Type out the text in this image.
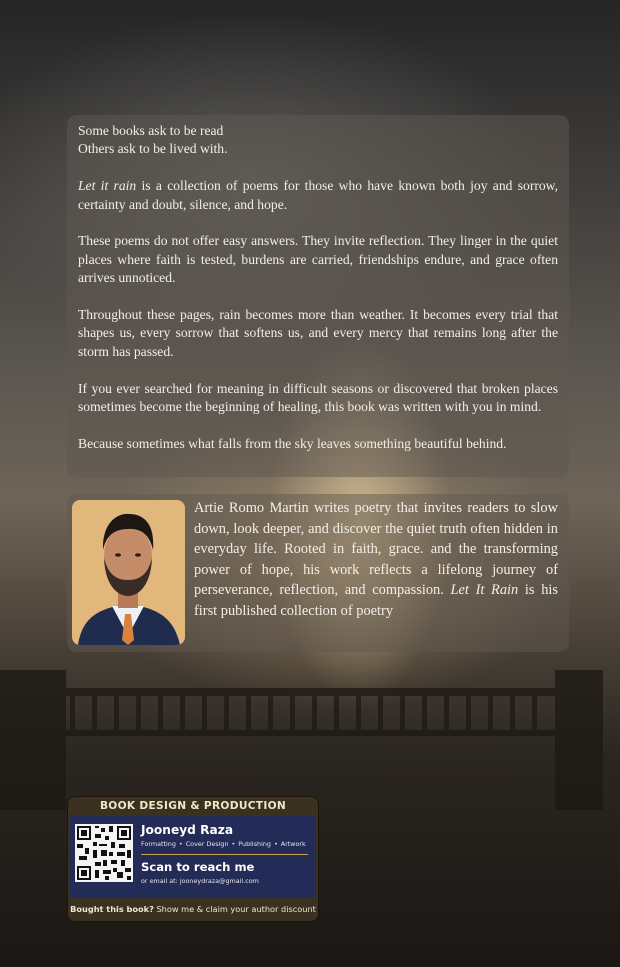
Some books ask to be read
Others ask to be lived with.

Let it rain is a collection of poems for those who have known both joy and sorrow, certainty and doubt, silence, and hope.

These poems do not offer easy answers. They invite reflection. They linger in the quiet places where faith is tested, burdens are carried, friendships endure, and grace often arrives unnoticed.

Throughout these pages, rain becomes more than weather. It becomes every trial that shapes us, every sorrow that softens us, and every mercy that remains long after the storm has passed.

If you ever searched for meaning in difficult seasons or discovered that broken places sometimes become the beginning of healing, this book was written with you in mind.

Because sometimes what falls from the sky leaves something beautiful behind.

Artie Romo Martin writes poetry that invites readers to slow down, look deeper, and discover the quiet truth often hidden in everyday life. Rooted in faith, grace. and the transforming power of hope, his work reflects a lifelong journey of perseverance, reflection, and compassion. Let It Rain is his first published collection of poetry
BOOK DESIGN & PRODUCTION
Jooneyd Raza
Formatting • Cover Design • Publishing • Artwork
Scan to reach me
or email at: jooneydraza@gmail.com
Bought this book? Show me & claim your author discount
